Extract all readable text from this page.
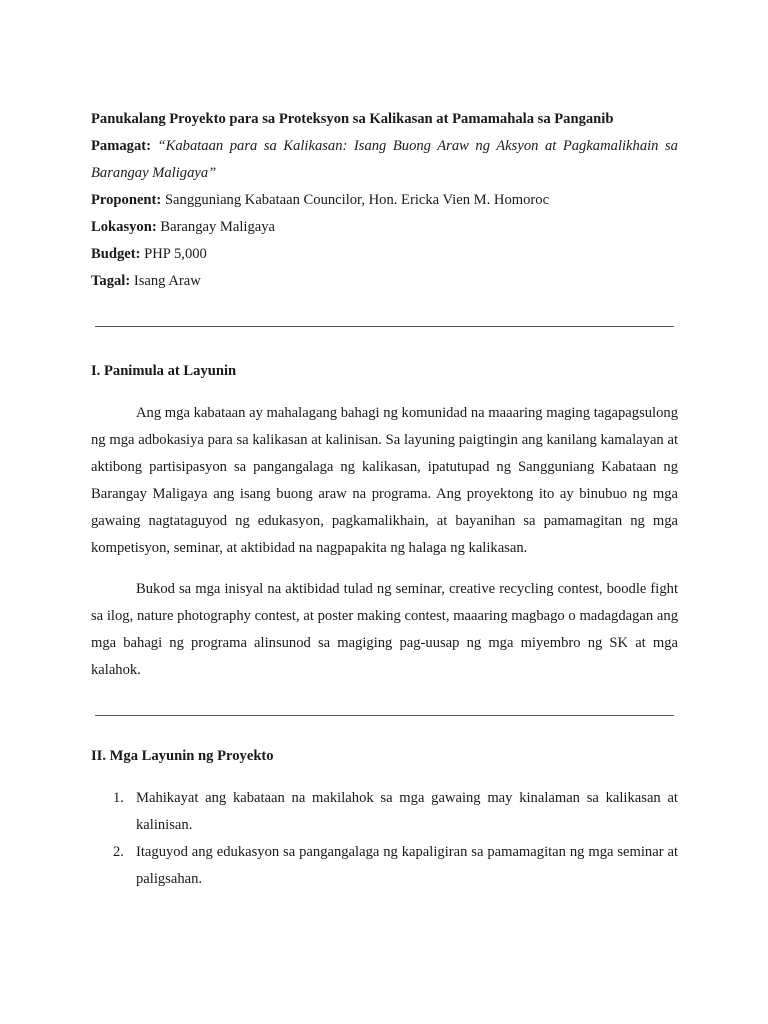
Panukalang Proyekto para sa Proteksyon sa Kalikasan at Pamamahala sa Panganib

Pamagat: “Kabataan para sa Kalikasan: Isang Buong Araw ng Aksyon at Pagkamalikhain sa Barangay Maligaya”

Proponent: Sangguniang Kabataan Councilor, Hon. Ericka Vien M. Homoroc

Lokasyon: Barangay Maligaya

Budget: PHP 5,000

Tagal: Isang Araw

I. Panimula at Layunin

Ang mga kabataan ay mahalagang bahagi ng komunidad na maaaring maging tagapagsulong ng mga adbokasiya para sa kalikasan at kalinisan. Sa layuning paigtingin ang kanilang kamalayan at aktibong partisipasyon sa pangangalaga ng kalikasan, ipatutupad ng Sangguniang Kabataan ng Barangay Maligaya ang isang buong araw na programa. Ang proyektong ito ay binubuo ng mga gawaing nagtataguyod ng edukasyon, pagkamalikhain, at bayanihan sa pamamagitan ng mga kompetisyon, seminar, at aktibidad na nagpapakita ng halaga ng kalikasan.

Bukod sa mga inisyal na aktibidad tulad ng seminar, creative recycling contest, boodle fight sa ilog, nature photography contest, at poster making contest, maaaring magbago o madagdagan ang mga bahagi ng programa alinsunod sa magiging pag-uusap ng mga miyembro ng SK at mga kalahok.

II. Mga Layunin ng Proyekto

1. Mahikayat ang kabataan na makilahok sa mga gawaing may kinalaman sa kalikasan at kalinisan.
2. Itaguyod ang edukasyon sa pangangalaga ng kapaligiran sa pamamagitan ng mga seminar at paligsahan.
